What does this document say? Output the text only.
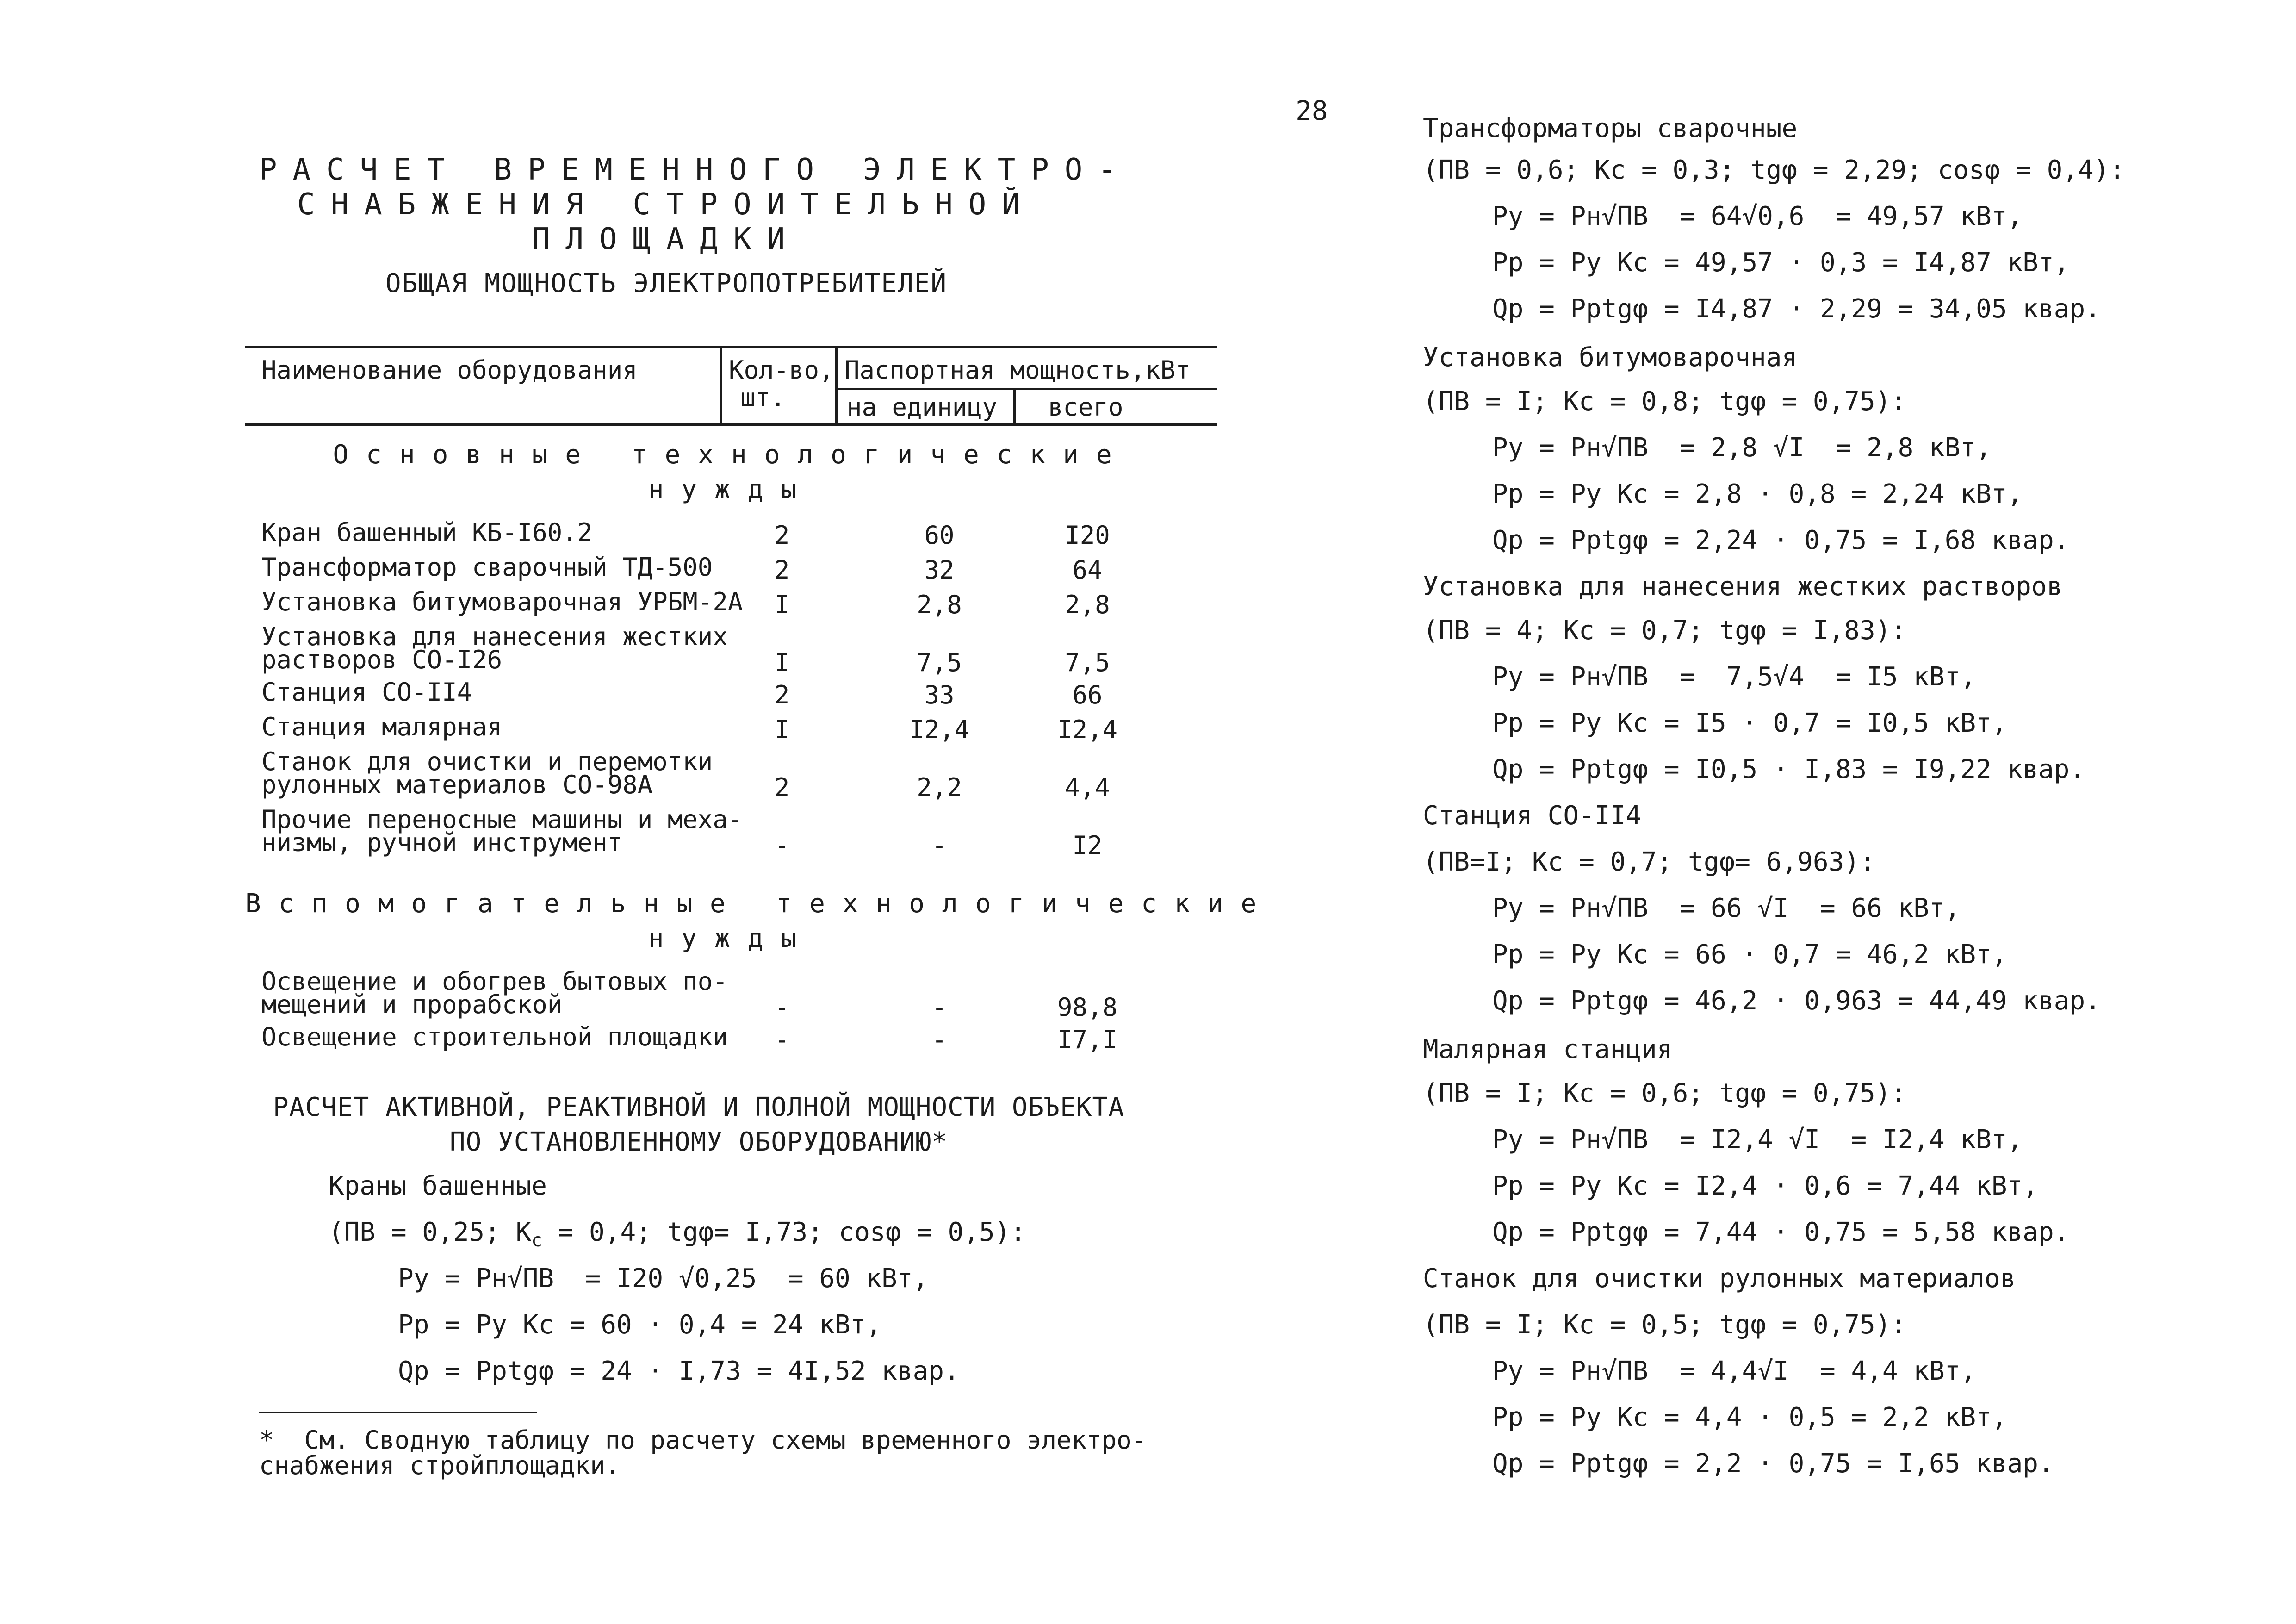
28
РАСЧЕТ ВРЕМЕННОГО ЭЛЕКТРО-
СНАБЖЕНИЯ СТРОИТЕЛЬНОЙ
ПЛОЩАДКИ
ОБЩАЯ МОЩНОСТЬ ЭЛЕКТРОПОТРЕБИТЕЛЕЙ
Наименование оборудования	Кол-во,
шт.
Паспортная мощность,кВт
на единицу всего
Основные технологические
нужды
Кран башенный КБ-I60.2	2	60	I20
Трансформатор сварочный ТД-500	2	32	64
Установка битумоварочная УРБМ-2А	I	2,8	2,8
Установка для нанесения жестких
растворов СО-I26	I	7,5	7,5
Станция СО-II4	2	33	66
Станция малярная	I	I2,4	I2,4
Станок для очистки и перемотки
рулонных материалов СО-98А	2	2,2	4,4
Прочие переносные машины и меха-
низмы, ручной инструмент	-	-	I2
Вспомогательные технологические
нужды
Освещение и обогрев бытовых по-
мещений и прорабской	-	-	98,8
Освещение строительной площадки	-	-	I7,I
РАСЧЕТ АКТИВНОЙ, РЕАКТИВНОЙ И ПОЛНОЙ МОЩНОСТИ ОБЪЕКТА
ПО УСТАНОВЛЕННОМУ ОБОРУДОВАНИЮ*
Краны башенные
(ПВ = 0,25; $К_с = 0,4$; tgφ= I,73; cosφ = 0,5):
Pу = Pн√ПВ  = I20 √0,25  = 60 кВт,
Pр = Pу Кс = 60 · 0,4 = 24 кВт,
Qр = Pрtgφ = 24 · I,73 = 4I,52 квар.
*  См. Сводную таблицу по расчету схемы временного электро-
снабжения стройплощадки.
Трансформаторы сварочные
(ПВ = 0,6; Кс = 0,3; tgφ = 2,29; cosφ = 0,4):
Pу = Pн√ПВ  = 64√0,6  = 49,57 кВт,
Pр = Pу Кс = 49,57 · 0,3 = I4,87 кВт,
Qр = Pрtgφ = I4,87 · 2,29 = 34,05 квар.
Установка битумоварочная
(ПВ = I; Кс = 0,8; tgφ = 0,75):
Pу = Pн√ПВ  = 2,8 √I  = 2,8 кВт,
Pр = Pу Кс = 2,8 · 0,8 = 2,24 кВт,
Qр = Pрtgφ = 2,24 · 0,75 = I,68 квар.
Установка для нанесения жестких растворов
(ПВ = 4; Кс = 0,7; tgφ = I,83):
Pу = Pн√ПВ  =  7,5√4  = I5 кВт,
Pр = Pу Кс = I5 · 0,7 = I0,5 кВт,
Qр = Pрtgφ = I0,5 · I,83 = I9,22 квар.
Станция СО-II4
(ПВ=I; Кс = 0,7; tgφ= 6,963):
Pу = Pн√ПВ  = 66 √I  = 66 кВт,
Pр = Pу Кс = 66 · 0,7 = 46,2 кВт,
Qр = Pрtgφ = 46,2 · 0,963 = 44,49 квар.
Малярная станция
(ПВ = I; Кс = 0,6; tgφ = 0,75):
Pу = Pн√ПВ  = I2,4 √I  = I2,4 кВт,
Pр = Pу Кс = I2,4 · 0,6 = 7,44 кВт,
Qр = Pрtgφ = 7,44 · 0,75 = 5,58 квар.
Станок для очистки рулонных материалов
(ПВ = I; Кс = 0,5; tgφ = 0,75):
Pу = Pн√ПВ  = 4,4√I  = 4,4 кВт,
Pр = Pу Кс = 4,4 · 0,5 = 2,2 кВт,
Qр = Pрtgφ = 2,2 · 0,75 = I,65 квар.
